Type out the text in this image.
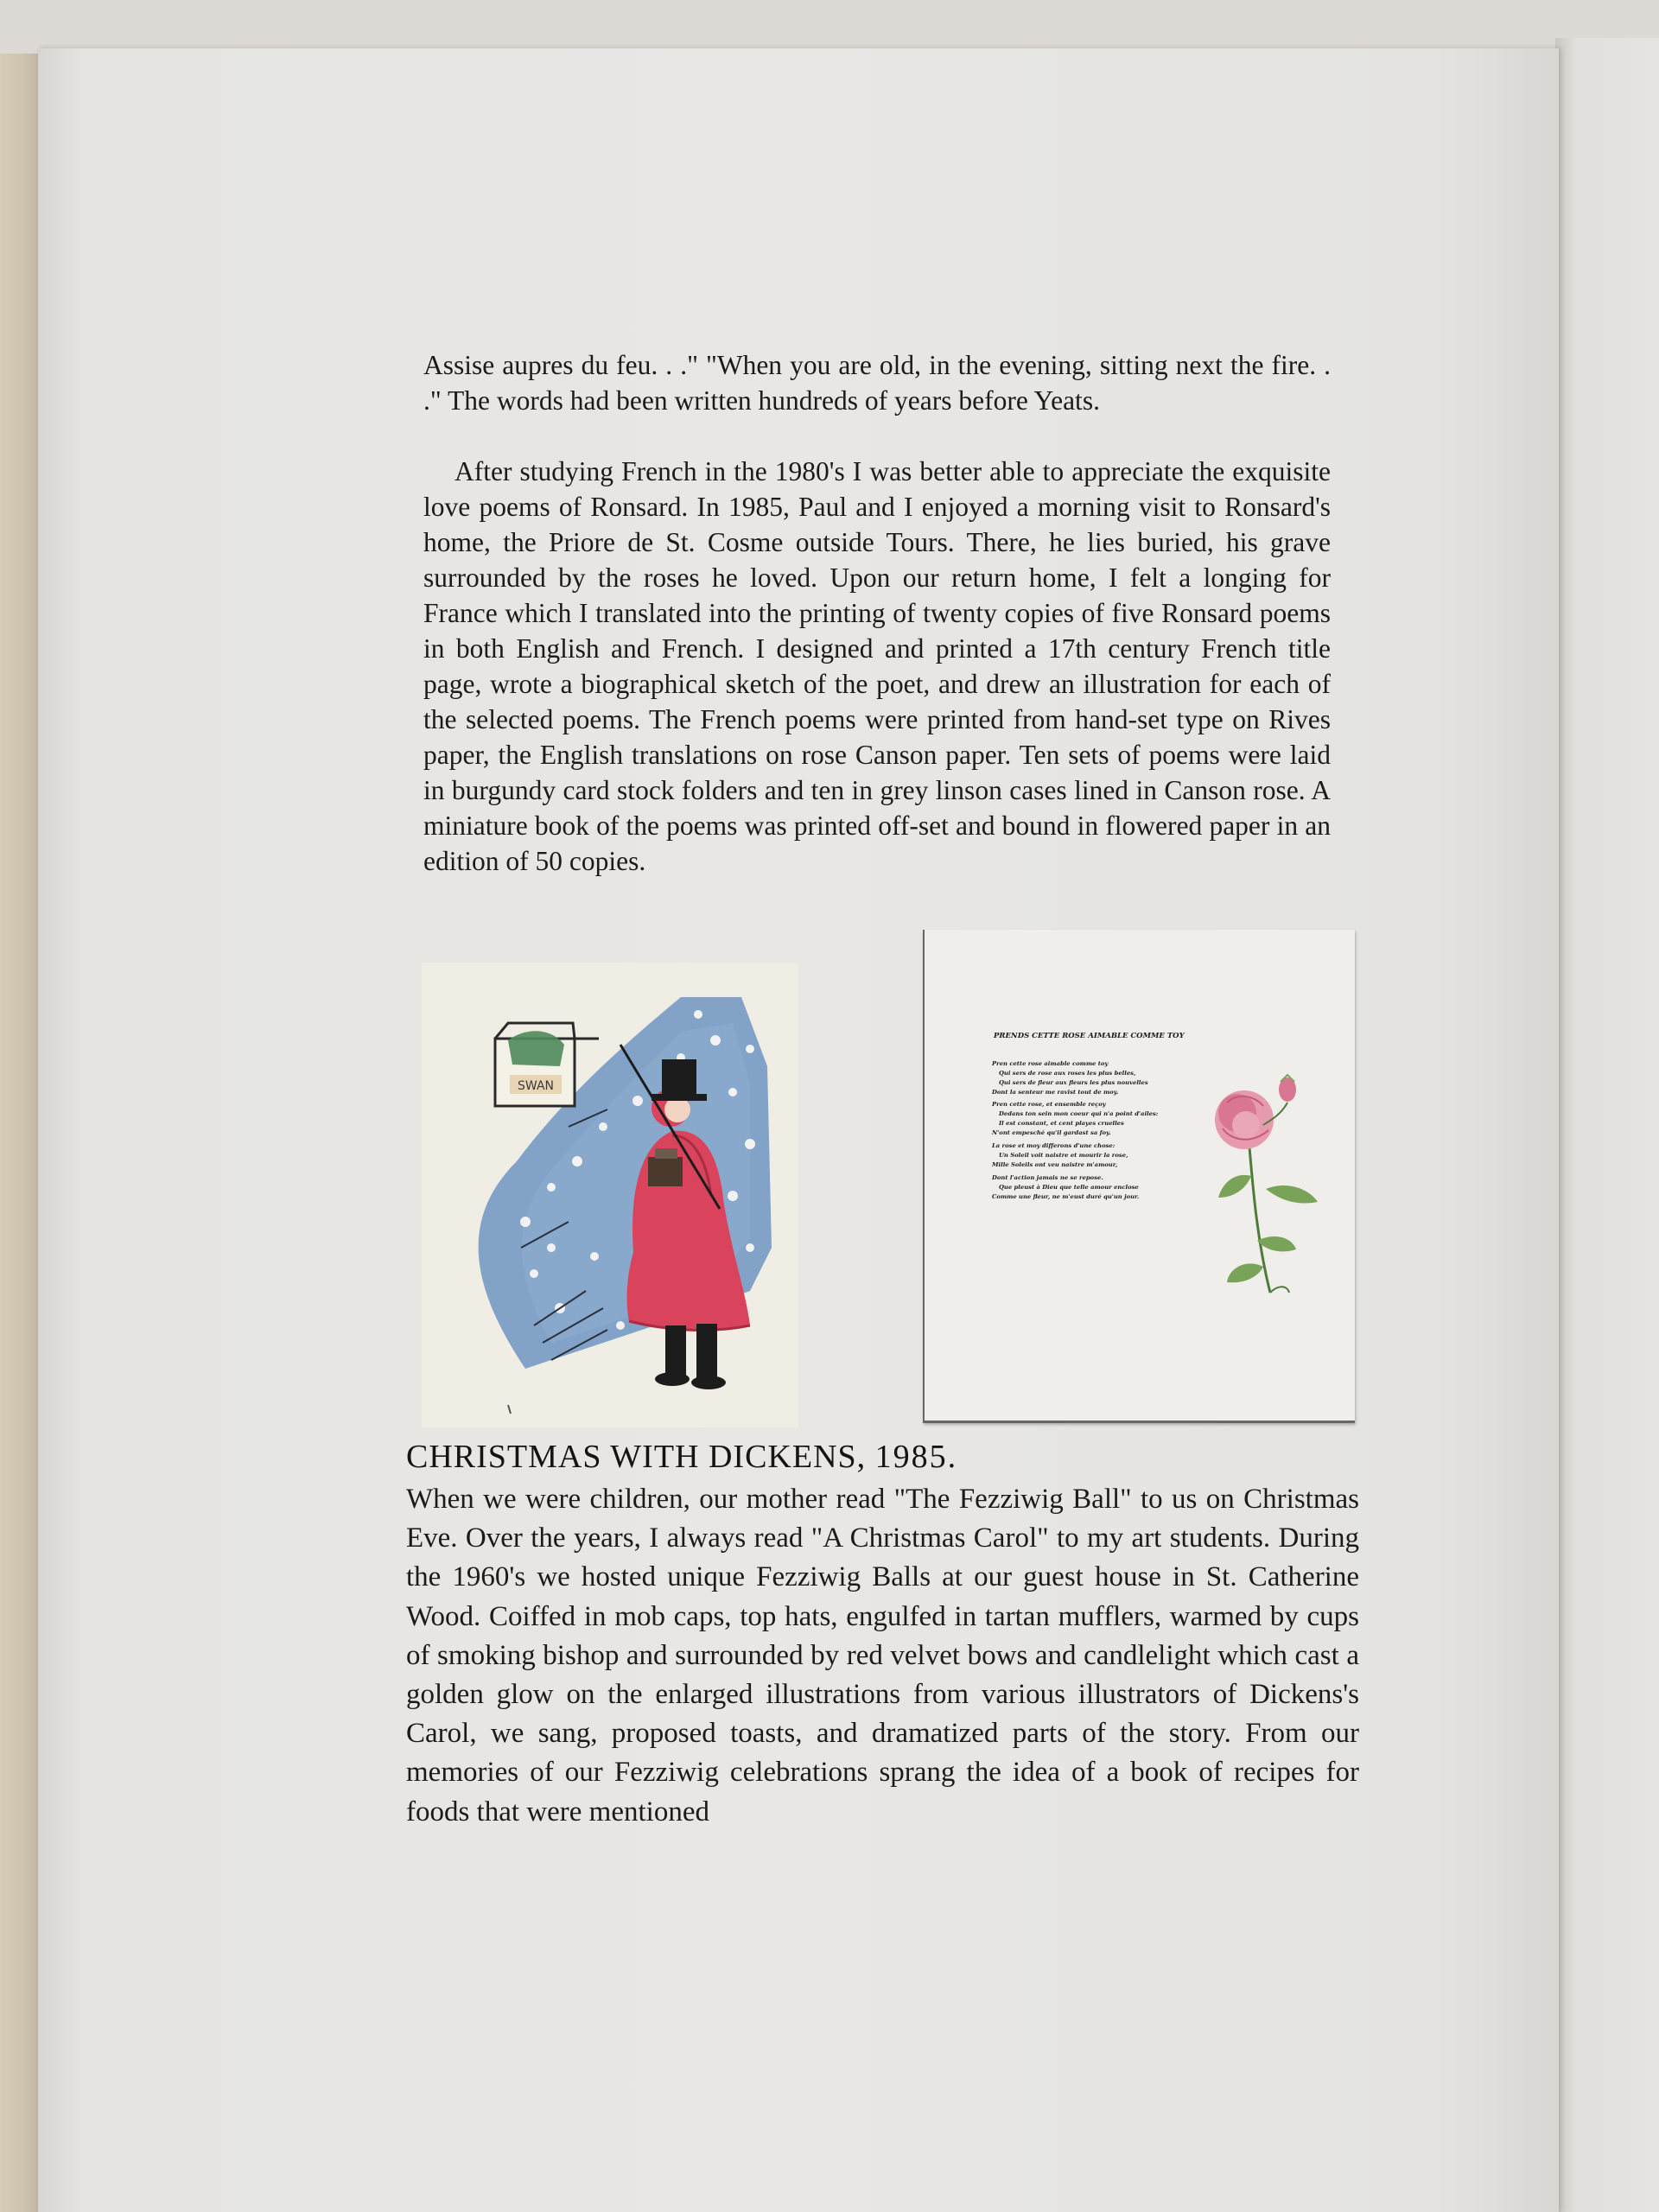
Assise aupres du feu. . ." "When you are old, in the evening, sitting next the fire. . ." The words had been written hundreds of years before Yeats.

After studying French in the 1980's I was better able to appreciate the exquisite love poems of Ronsard. In 1985, Paul and I enjoyed a morning visit to Ronsard's home, the Priore de St. Cosme outside Tours. There, he lies buried, his grave surrounded by the roses he loved. Upon our return home, I felt a longing for France which I translated into the printing of twenty copies of five Ronsard poems in both English and French. I designed and printed a 17th century French title page, wrote a biographical sketch of the poet, and drew an illustration for each of the selected poems. The French poems were printed from hand-set type on Rives paper, the English translations on rose Canson paper. Ten sets of poems were laid in burgundy card stock folders and ten in grey linson cases lined in Canson rose. A miniature book of the poems was printed off-set and bound in flowered paper in an edition of 50 copies.

SWAN
PRENDS CETTE ROSE AIMABLE COMME TOY
Pren cette rose aimable comme toy
Qui sers de rose aux roses les plus belles,
Qui sers de fleur aux fleurs les plus nouvelles
Dont la senteur me ravist tout de moy.
Pren cette rose, et ensemble reçoy
Dedans ton sein mon coeur qui n'a point d'ailes:
Il est constant, et cent playes cruelles
N'ont empesché qu'il gardast sa foy.
La rose et moy differons d'une chose:
Un Soleil voit naistre et mourir la rose,
Mille Soleils ont veu naistre m'amour,
Dont l'action jamais ne se repose.
Que pleust à Dieu que telle amour enclose
Comme une fleur, ne m'eust duré qu'un jour.
CHRISTMAS WITH DICKENS, 1985.

When we were children, our mother read "The Fezziwig Ball" to us on Christmas Eve. Over the years, I always read "A Christmas Carol" to my art students. During the 1960's we hosted unique Fezziwig Balls at our guest house in St. Catherine Wood. Coiffed in mob caps, top hats, engulfed in tartan mufflers, warmed by cups of smoking bishop and surrounded by red velvet bows and candlelight which cast a golden glow on the enlarged illustrations from various illustrators of Dickens's Carol, we sang, proposed toasts, and dramatized parts of the story. From our memories of our Fezziwig celebrations sprang the idea of a book of recipes for foods that were mentioned
